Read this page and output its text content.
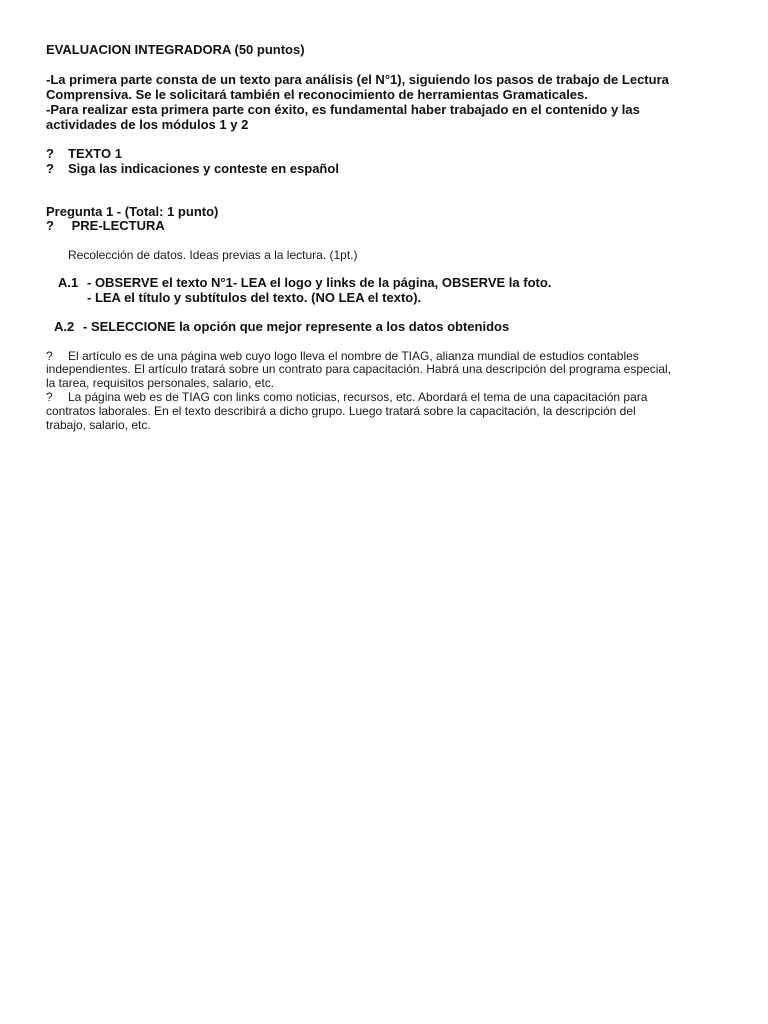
EVALUACION INTEGRADORA (50 puntos)

-La primera parte consta de un texto para análisis (el N°1), siguiendo los pasos de trabajo de Lectura

Comprensiva. Se le solicitará también el reconocimiento de herramientas Gramaticales.

-Para realizar esta primera parte con éxito, es fundamental haber trabajado en el contenido y las

actividades de los módulos 1 y 2

? TEXTO 1

? Siga las indicaciones y conteste en español

Pregunta 1 - (Total: 1 punto)

? PRE-LECTURA

Recolección de datos. Ideas previas a la lectura. (1pt.)

A.1 - OBSERVE el texto N°1- LEA el logo y links de la página, OBSERVE la foto.

- LEA el título y subtítulos del texto. (NO LEA el texto).

A.2 - SELECCIONE la opción que mejor represente a los datos obtenidos

? El artículo es de una página web cuyo logo lleva el nombre de TIAG, alianza mundial de estudios contables

independientes. El artículo tratará sobre un contrato para capacitación. Habrá una descripción del programa especial,

la tarea, requisitos personales, salario, etc.

? La página web es de TIAG con links como noticias, recursos, etc. Abordará el tema de una capacitación para

contratos laborales. En el texto describirá a dicho grupo. Luego tratará sobre la capacitación, la descripción del

trabajo, salario, etc.
